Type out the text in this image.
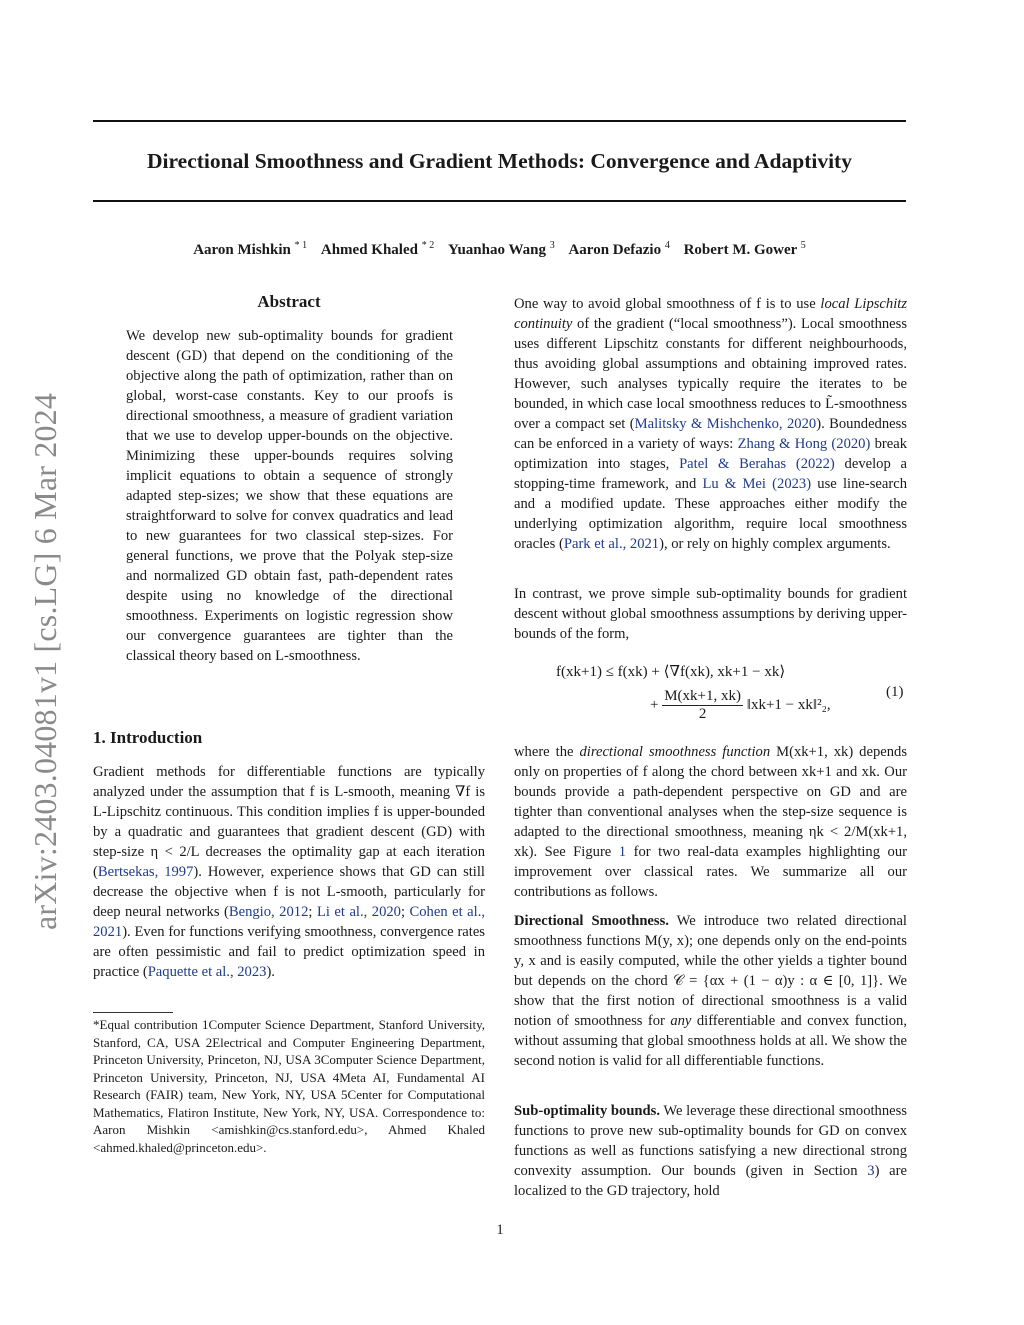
Directional Smoothness and Gradient Methods: Convergence and Adaptivity
Aaron Mishkin $^{* 1}$ Ahmed Khaled $^{* 2}$ Yuanhao Wang $^3$ Aaron Defazio $^4$ Robert M. Gower $^5$
arXiv:2403.04081v1 [cs.LG] 6 Mar 2024
Abstract
We develop new sub-optimality bounds for gradient descent (GD) that depend on the conditioning of the objective along the path of optimization, rather than on global, worst-case constants. Key to our proofs is directional smoothness, a measure of gradient variation that we use to develop upper-bounds on the objective. Minimizing these upper-bounds requires solving implicit equations to obtain a sequence of strongly adapted step-sizes; we show that these equations are straightforward to solve for convex quadratics and lead to new guarantees for two classical step-sizes. For general functions, we prove that the Polyak step-size and normalized GD obtain fast, path-dependent rates despite using no knowledge of the directional smoothness. Experiments on logistic regression show our convergence guarantees are tighter than the classical theory based on L-smoothness.
1. Introduction

Gradient methods for differentiable functions are typically analyzed under the assumption that f is L-smooth, meaning ∇f is L-Lipschitz continuous. This condition implies f is upper-bounded by a quadratic and guarantees that gradient descent (GD) with step-size η < 2/L decreases the optimality gap at each iteration (Bertsekas, 1997). However, experience shows that GD can still decrease the objective when f is not L-smooth, particularly for deep neural networks (Bengio, 2012; Li et al., 2020; Cohen et al., 2021). Even for functions verifying smoothness, convergence rates are often pessimistic and fail to predict optimization speed in practice (Paquette et al., 2023).

*Equal contribution 1Computer Science Department, Stanford University, Stanford, CA, USA 2Electrical and Computer Engineering Department, Princeton University, Princeton, NJ, USA 3Computer Science Department, Princeton University, Princeton, NJ, USA 4Meta AI, Fundamental AI Research (FAIR) team, New York, NY, USA 5Center for Computational Mathematics, Flatiron Institute, New York, NY, USA. Correspondence to: Aaron Mishkin <amishkin@cs.stanford.edu>, Ahmed Khaled <ahmed.khaled@princeton.edu>.

One way to avoid global smoothness of f is to use local Lipschitz continuity of the gradient (“local smoothness”). Local smoothness uses different Lipschitz constants for different neighbourhoods, thus avoiding global assumptions and obtaining improved rates. However, such analyses typically require the iterates to be bounded, in which case local smoothness reduces to L̃-smoothness over a compact set (Malitsky & Mishchenko, 2020). Boundedness can be enforced in a variety of ways: Zhang & Hong (2020) break optimization into stages, Patel & Berahas (2022) develop a stopping-time framework, and Lu & Mei (2023) use line-search and a modified update. These approaches either modify the underlying optimization algorithm, require local smoothness oracles (Park et al., 2021), or rely on highly complex arguments.

In contrast, we prove simple sub-optimality bounds for gradient descent without global smoothness assumptions by deriving upper-bounds of the form,

f(xk+1) ≤ f(xk) + ⟨∇f(xk), xk+1 − xk⟩
+ $\frac{M(xk+1, xk)}{2}$ ‖xk+1 − xk‖²₂,
(1)

where the directional smoothness function M(xk+1, xk) depends only on properties of f along the chord between xk+1 and xk. Our bounds provide a path-dependent perspective on GD and are tighter than conventional analyses when the step-size sequence is adapted to the directional smoothness, meaning ηk < 2/M(xk+1, xk). See Figure 1 for two real-data examples highlighting our improvement over classical rates. We summarize all our contributions as follows.

Directional Smoothness. We introduce two related directional smoothness functions M(y, x); one depends only on the end-points y, x and is easily computed, while the other yields a tighter bound but depends on the chord 𝒞 = {αx + (1 − α)y : α ∈ [0, 1]}. We show that the first notion of directional smoothness is a valid notion of smoothness for any differentiable and convex function, without assuming that global smoothness holds at all. We show the second notion is valid for all differentiable functions.

Sub-optimality bounds. We leverage these directional smoothness functions to prove new sub-optimality bounds for GD on convex functions as well as functions satisfying a new directional strong convexity assumption. Our bounds (given in Section 3) are localized to the GD trajectory, hold

1
